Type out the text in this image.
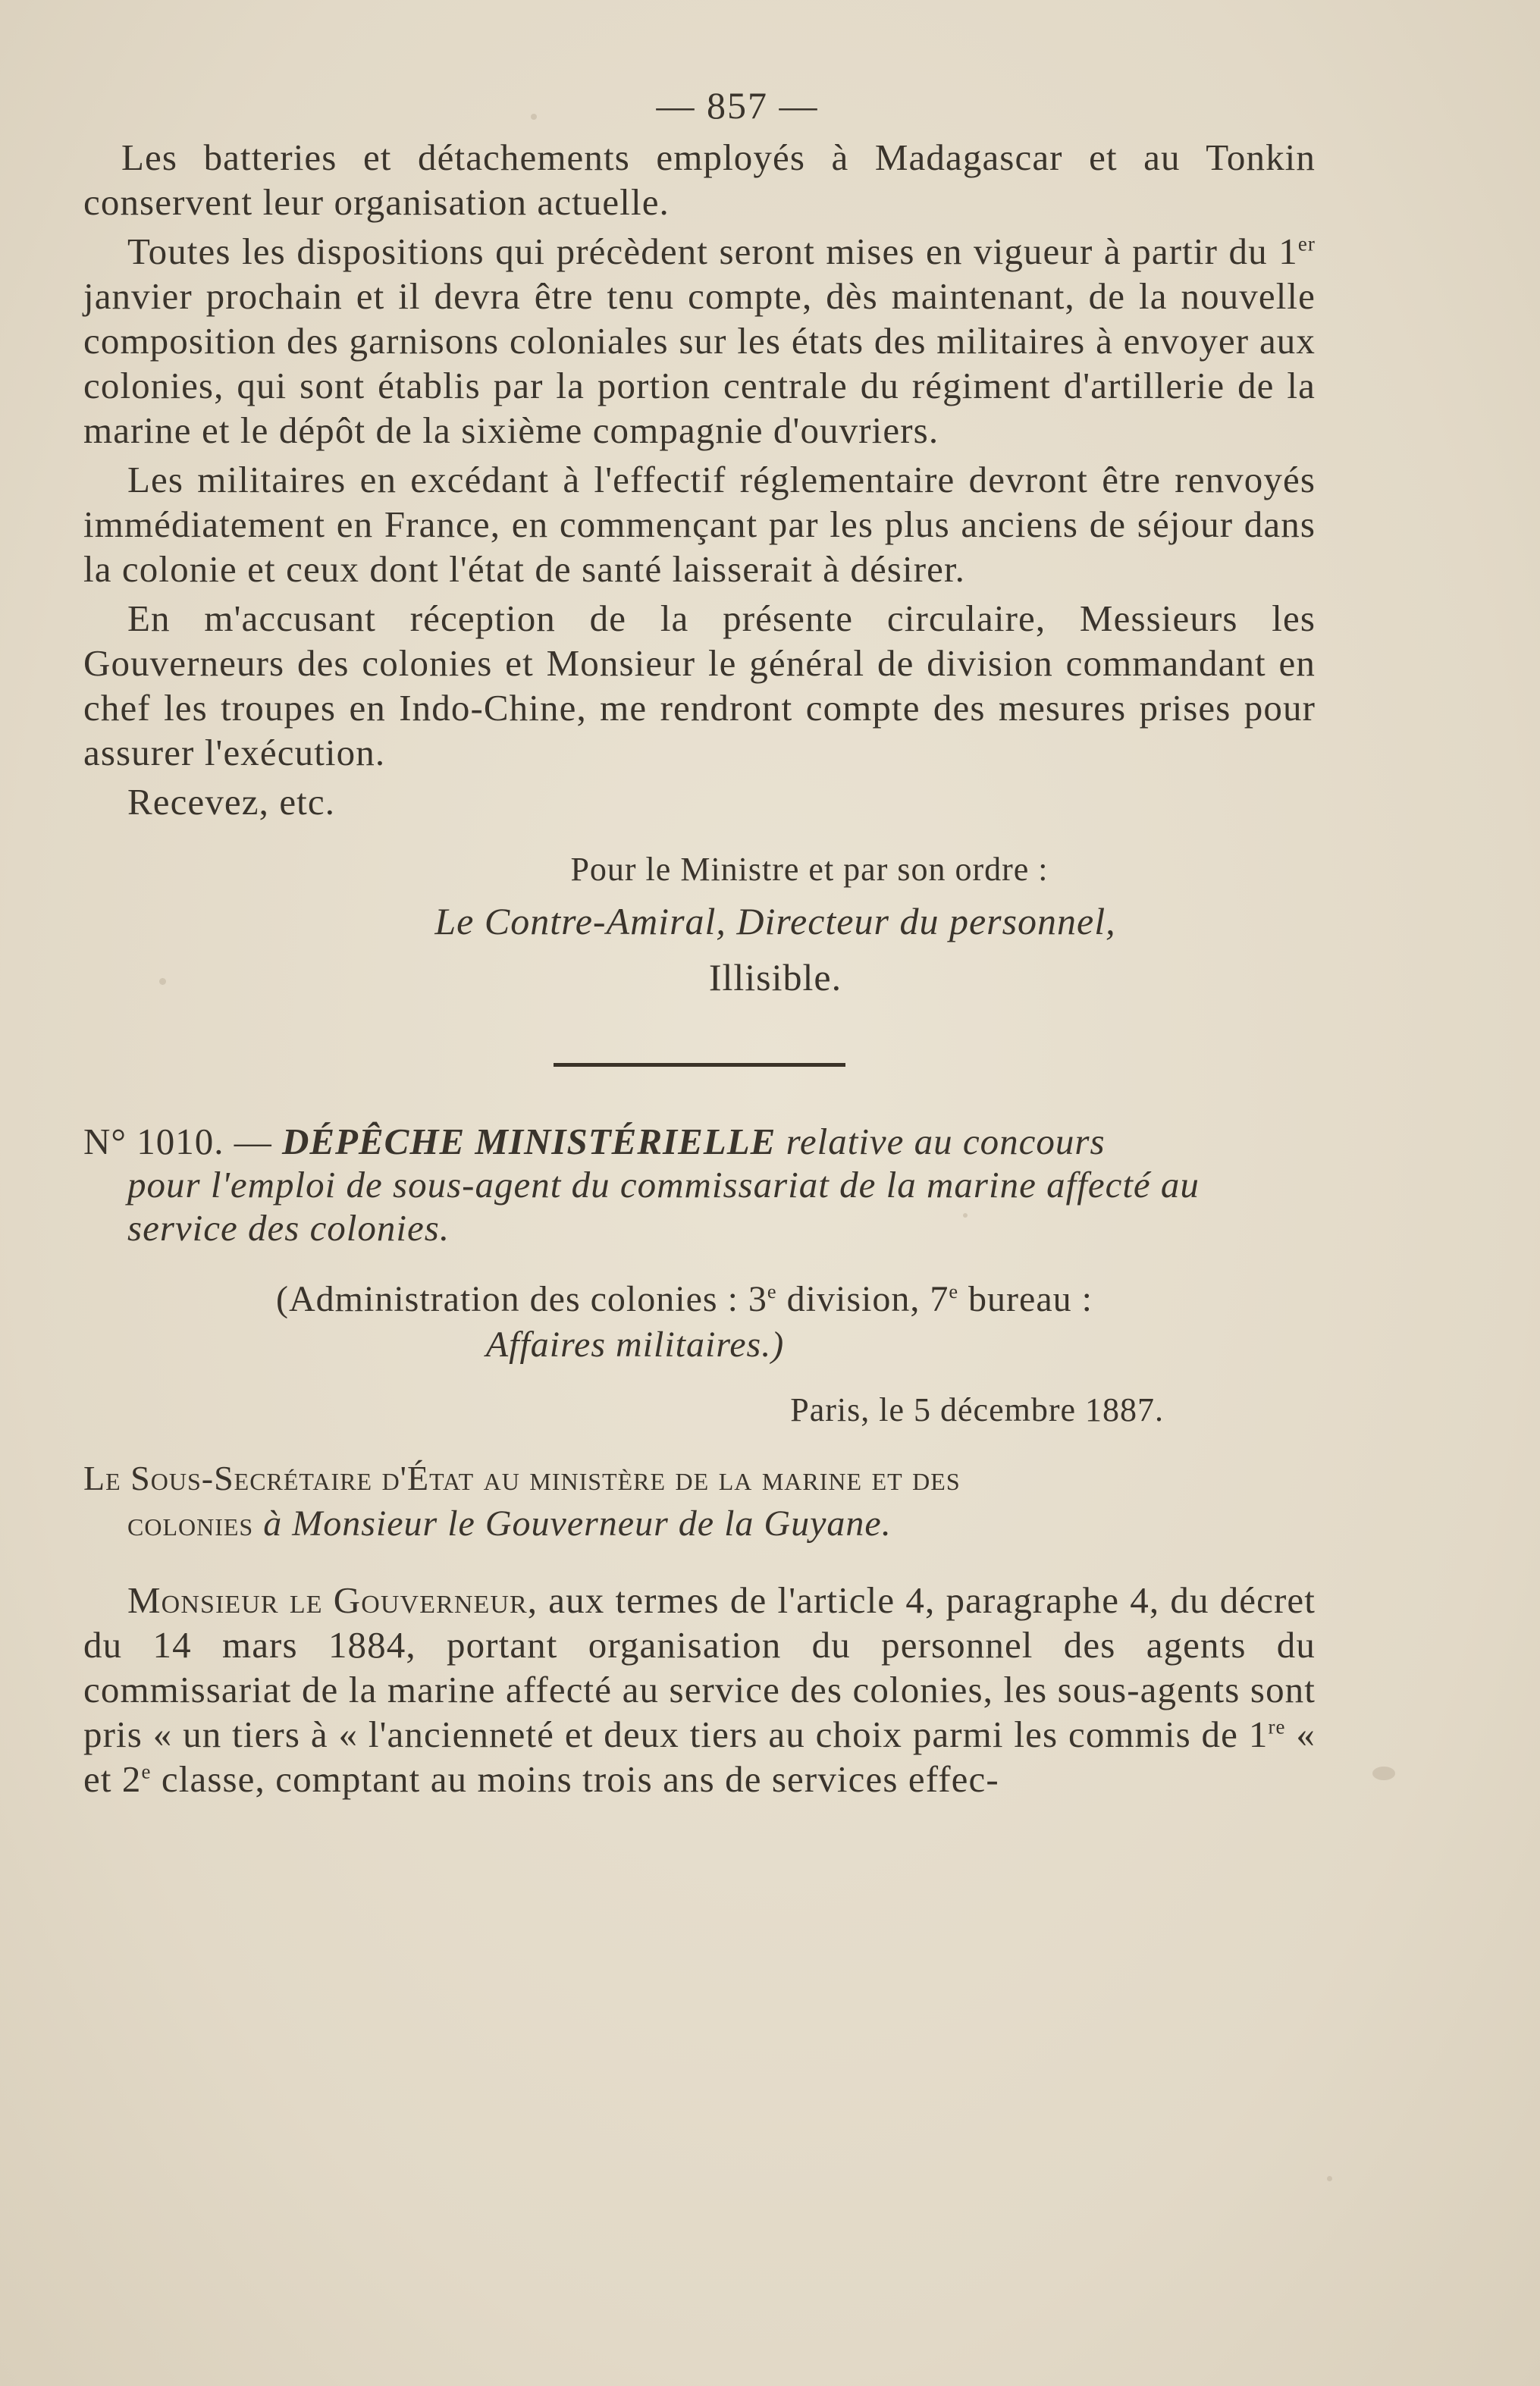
— 857 —

Les batteries et détachements employés à Madagascar et au Tonkin conservent leur organisation actuelle.

Toutes les dispositions qui précèdent seront mises en vigueur à partir du 1er janvier prochain et il devra être tenu compte, dès maintenant, de la nouvelle composition des garnisons coloniales sur les états des militaires à envoyer aux colonies, qui sont établis par la portion centrale du régiment d'artillerie de la marine et le dépôt de la sixième compagnie d'ouvriers.

Les militaires en excédant à l'effectif réglementaire devront être renvoyés immédiatement en France, en commençant par les plus anciens de séjour dans la colonie et ceux dont l'état de santé laisserait à désirer.

En m'accusant réception de la présente circulaire, Messieurs les Gouverneurs des colonies et Monsieur le général de division commandant en chef les troupes en Indo-Chine, me rendront compte des mesures prises pour assurer l'exécution.

Recevez, etc.

Pour le Ministre et par son ordre :
Le Contre-Amiral, Directeur du personnel,
Illisible.
N° 1010. — DÉPÊCHE MINISTÉRIELLE relative au concours
pour l'emploi de sous-agent du commissariat de la marine affecté au service des colonies.
(Administration des colonies : 3e division, 7e bureau :
Affaires militaires.)
Paris, le 5 décembre 1887.
Le Sous-Secrétaire d'État au ministère de la marine et des
colonies à Monsieur le Gouverneur de la Guyane.

Monsieur le Gouverneur, aux termes de l'article 4, paragraphe 4, du décret du 14 mars 1884, portant organisation du personnel des agents du commissariat de la marine affecté au service des colonies, les sous-agents sont pris « un tiers à « l'ancienneté et deux tiers au choix parmi les commis de 1re « et 2e classe, comptant au moins trois ans de services effec-
